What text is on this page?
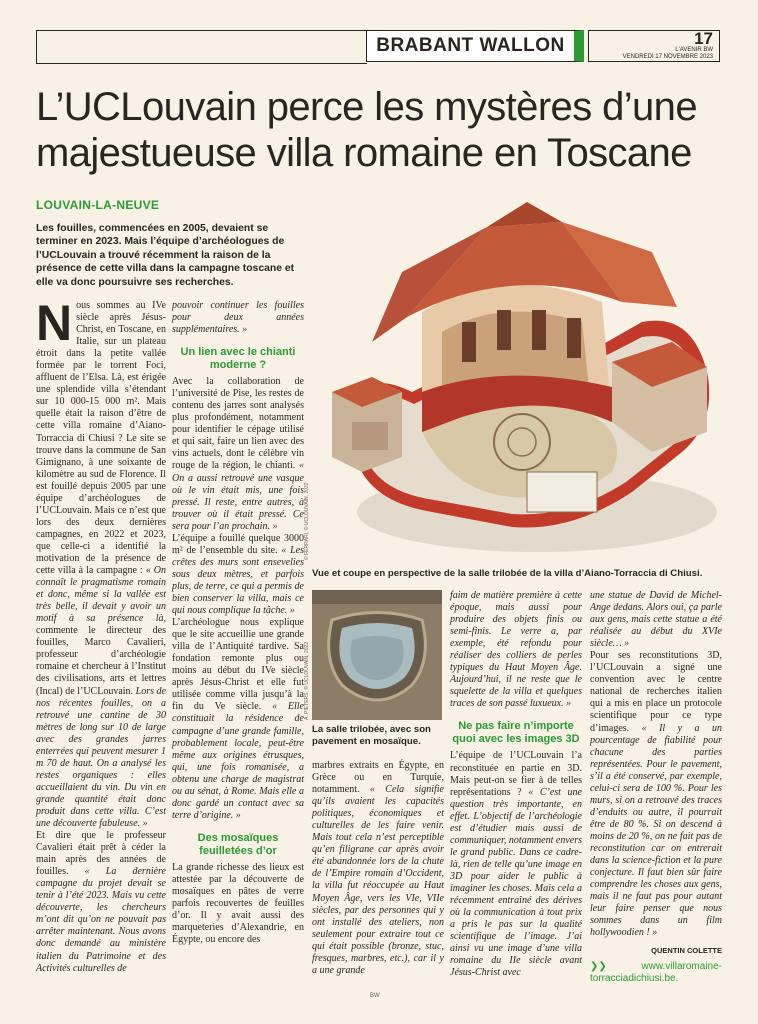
BRABANT WALLON	17
L'AVENIR BW
VENDREDI 17 NOVEMBRE 2023
L’UCLouvain perce les mystères d’une majestueuse villa romaine en Toscane
LOUVAIN-LA-NEUVE
Les fouilles, commencées en 2005, devaient se terminer en 2023. Mais l’équipe d’archéologues de l’UCLouvain a trouvé récemment la raison de la présence de cette villa dans la campagne toscane et elle va donc poursuivre ses recherches.
N ous sommes au IVe siècle après Jésus-Christ, en Toscane, en Italie, sur un plateau étroit dans la petite vallée formée par le torrent Foci, affluent de l’Elsa. Là, est érigée une splendide villa s’étendant sur 10 000-15 000 m². Mais quelle était la raison d’être de cette villa romaine d’Aiano-Torraccia di Chiusi ? Le site se trouve dans la commune de San Gimignano, à une soixante de kilomètre au sud de Florence. Il est fouillé depuis 2005 par une équipe d’archéologues de l’UCLouvain. Mais ce n’est que lors des deux dernières campagnes, en 2022 et 2023, que celle-ci a identifié la motivation de la présence de cette villa à la campagne : « On connaît le pragmatisme romain et donc, même si la vallée est très belle, il devait y avoir un motif à sa présence là, commente le directeur des fouilles, Marco Cavalieri, professeur d’archéologie romaine et chercheur à l’Institut des civilisations, arts et lettres (Incal) de l’UCLouvain. Lors de nos récentes fouilles, on a retrouvé une cantine de 30 mètres de long sur 10 de large avec des grandes jarres enterrées qui peuvent mesurer 1 m 70 de haut. On a analysé les restes organiques : elles accueillaient du vin. Du vin en grande quantité était donc produit dans cette villa. C’est une découverte fabuleuse. »

Et dire que le professeur Cavalieri était prêt à céder la main après des années de fouilles. « La dernière campagne du projet devait se tenir à l’été 2023. Mais vu cette découverte, les chercheurs m’ont dit qu’on ne pouvait pas arrêter maintenant. Nous avons donc demandé au ministère italien du Patrimoine et des Activités culturelles de

pouvoir continuer les fouilles pour deux années supplémentaires. »

Un lien avec le chianti moderne ?

Avec la collaboration de l’université de Pise, les restes de contenu des jarres sont analysés plus profondément, notamment pour identifier le cépage utilisé et qui sait, faire un lien avec des vins actuels, dont le célèbre vin rouge de la région, le chianti. « On a aussi retrouvé une vasque où le vin était mis, une fois pressé. Il reste, entre autres, à trouver où il était pressé. Ce sera pour l’an prochain. »

L’équipe a fouillé quelque 3000 m² de l’ensemble du site. « Les crêtes des murs sont ensevelies sous deux mètres, et parfois plus, de terre, ce qui a permis de bien conserver la villa, mais ce qui nous complique la tâche. »

L’archéologue nous explique que le site accueillie une grande villa de l’Antiquité tardive. Sa fondation remonte plus ou moins au début du IVe siècle après Jésus-Christ et elle fut utilisée comme villa jusqu’à la fin du Ve siècle. « Elle constituait la résidence de campagne d’une grande famille, probablement locale, peut-être même aux origines étrusques, qui, une fois romanisée, a obtenu une charge de magistrat ou au sénat, à Rome. Mais elle a donc gardé un contact avec sa terre d’origine. »

Des mosaïques feuilletées d’or

La grande richesse des lieux est attestée par la découverte de mosaïques en pâtes de verre parfois recouvertes de feuilles d’or. Il y avait aussi des marqueteries d’Alexandrie, en Égypte, ou encore des

© FERRARI, © UCLOUVAIN, 2022
Vue et coupe en perspective de la salle trilobée de la villa d’Aiano-Torraccia di Chiusi.
A. PIETERS, © UCLOUVAIN, 2022
La salle trilobée, avec son pavement en mosaïque.

marbres extraits en Égypte, en Grèce ou en Turquie, notamment. « Cela signifie qu’ils avaient les capacités politiques, économiques et culturelles de les faire venir. Mais tout cela n’est perceptible qu’en filigrane car après avoir été abandonnée lors de la chute de l’Empire romain d’Occident, la villa fut réoccupée au Haut Moyen Âge, vers les VIe, VIIe siècles, par des personnes qui y ont installé des ateliers, non seulement pour extraire tout ce qui était possible (bronze, stuc, fresques, marbres, etc.), car il y a une grande

faim de matière première à cette époque, mais aussi pour produire des objets finis ou semi-finis. Le verre a, par exemple, été refondu pour réaliser des colliers de perles typiques du Haut Moyen Âge. Aujourd’hui, il ne reste que le squelette de la villa et quelques traces de son passé luxueux. »

Ne pas faire n’importe quoi avec les images 3D

L’équipe de l’UCLouvain l’a reconstituée en partie en 3D. Mais peut-on se fier à de telles représentations ? « C’est une question très importante, en effet. L’objectif de l’archéologie est d’étudier mais aussi de communiquer, notamment envers le grand public. Dans ce cadre-là, rien de telle qu’une image en 3D pour aider le public à imaginer les choses. Mais cela a récemment entraîné des dérives où la communication à tout prix a pris le pas sur la qualité scientifique de l’image. J’ai ainsi vu une image d’une villa romaine du IIe siècle avant Jésus-Christ avec

une statue de David de Michel-Ange dedans. Alors oui, ça parle aux gens, mais cette statue a été réalisée au début du XVIe siècle… »

Pour ses reconstitutions 3D, l’UCLouvain a signé une convention avec le centre national de recherches italien qui a mis en place un protocole scientifique pour ce type d’images. « Il y a un pourcentage de fiabilité pour chacune des parties représentées. Pour le pavement, s’il a été conservé, par exemple, celui-ci sera de 100 %. Pour les murs, si on a retrouvé des traces d’enduits ou autre, il pourrait être de 80 %. Si on descend à moins de 20 %, on ne fait pas de reconstitution car on entrerait dans la science-fiction et la pure conjecture. Il faut bien sûr faire comprendre les choses aux gens, mais il ne faut pas pour autant leur faire penser que nous sommes dans un film hollywoodien ! »

QUENTIN COLETTE
❯❯	www.villaromaine-torracciadichiusi.be.
BW
